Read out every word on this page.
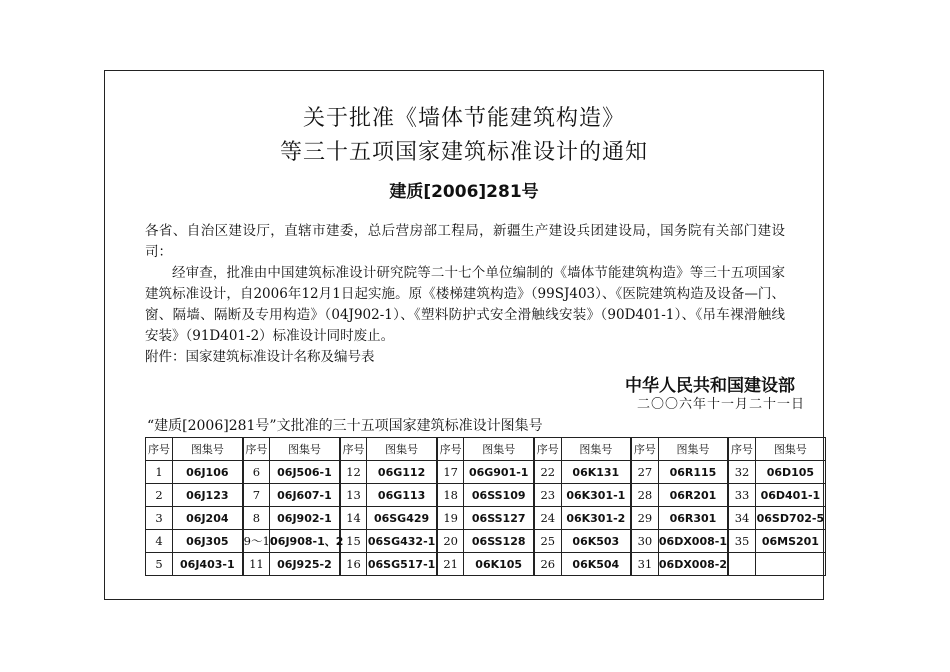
关于批准《墙体节能建筑构造》
等三十五项国家建筑标准设计的通知
建质[2006]281号
各省、自治区建设厅，直辖市建委，总后营房部工程局，新疆生产建设兵团建设局，国务院有关部门建设司：
经审查，批准由中国建筑标准设计研究院等二十七个单位编制的《墙体节能建筑构造》等三十五项国家建筑标准设计，自2006年12月1日起实施。原《楼梯建筑构造》（99SJ403）、《医院建筑构造及设备—门、窗、隔墙、隔断及专用构造》（04J902-1）、《塑料防护式安全滑触线安装》（90D401-1）、《吊车裸滑触线安装》（91D401-2）标准设计同时废止。
附件：国家建筑标准设计名称及编号表
中华人民共和国建设部
二〇〇六年十一月二十一日
“建质[2006]281号”文批准的三十五项国家建筑标准设计图集号
序号	图集号	序号	图集号	序号	图集号	序号	图集号	序号	图集号	序号	图集号	序号	图集号
1	06J106	6	06J506-1	12	06G112	17	06G901-1	22	06K131	27	06R115	32	06D105
2	06J123	7	06J607-1	13	06G113	18	06SS109	23	06K301-1	28	06R201	33	06D401-1
3	06J204	8	06J902-1	14	06SG429	19	06SS127	24	06K301-2	29	06R301	34	06SD702-5
4	06J305	9～10	06J908-1、2	15	06SG432-1	20	06SS128	25	06K503	30	06DX008-1	35	06MS201
5	06J403-1	11	06J925-2	16	06SG517-1	21	06K105	26	06K504	31	06DX008-2		
